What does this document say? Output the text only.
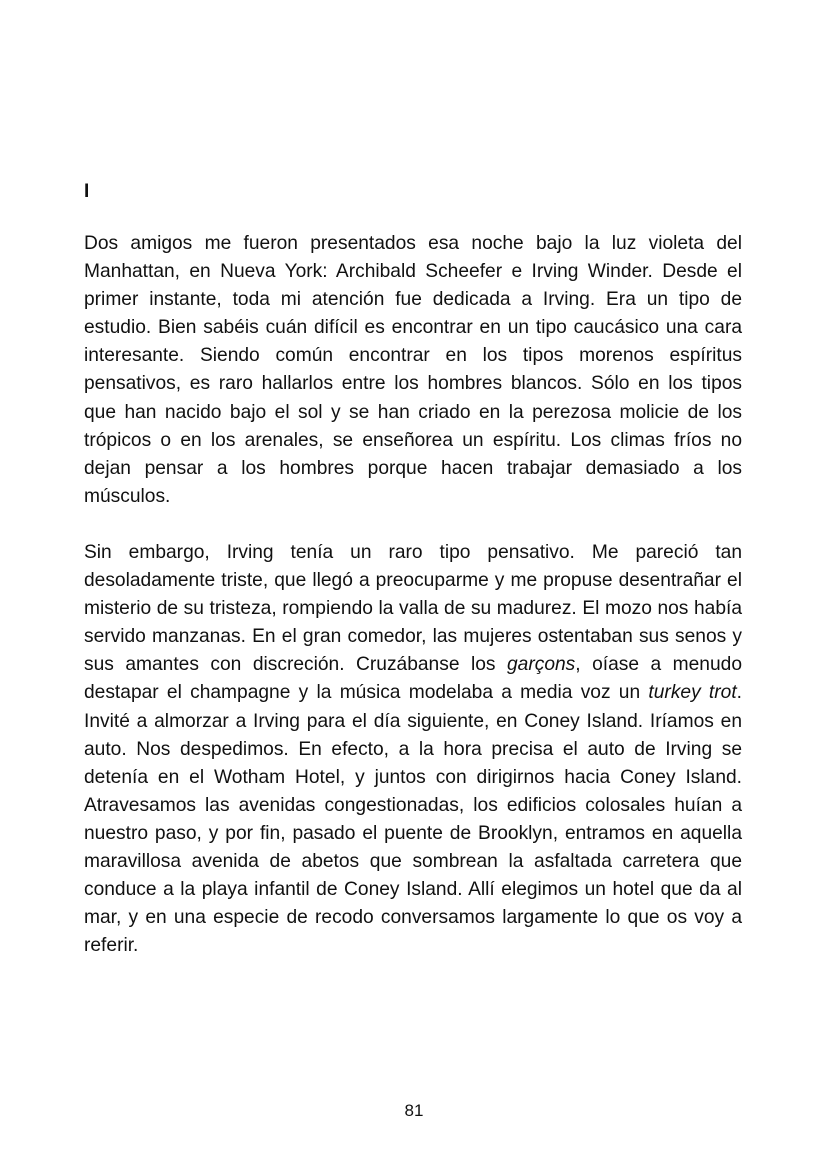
I

Dos amigos me fueron presentados esa noche bajo la luz violeta del Manhattan, en Nueva York: Archibald Scheefer e Irving Winder. Desde el primer instante, toda mi atención fue dedicada a Irving. Era un tipo de estudio. Bien sabéis cuán difícil es encontrar en un tipo caucásico una cara interesante. Siendo común encontrar en los tipos morenos espíritus pensativos, es raro hallarlos entre los hombres blancos. Sólo en los tipos que han nacido bajo el sol y se han criado en la perezosa molicie de los trópicos o en los arenales, se enseñorea un espíritu. Los climas fríos no dejan pensar a los hombres porque hacen trabajar demasiado a los músculos.

Sin embargo, Irving tenía un raro tipo pensativo. Me pareció tan desoladamente triste, que llegó a preocuparme y me propuse desentrañar el misterio de su tristeza, rompiendo la valla de su madurez. El mozo nos había servido manzanas. En el gran comedor, las mujeres ostentaban sus senos y sus amantes con discreción. Cruzábanse los garçons, oíase a menudo destapar el champagne y la música modelaba a media voz un turkey trot. Invité a almorzar a Irving para el día siguiente, en Coney Island. Iríamos en auto. Nos despedimos. En efecto, a la hora precisa el auto de Irving se detenía en el Wotham Hotel, y juntos con dirigirnos hacia Coney Island. Atravesamos las avenidas congestionadas, los edificios colosales huían a nuestro paso, y por fin, pasado el puente de Brooklyn, entramos en aquella maravillosa avenida de abetos que sombrean la asfaltada carretera que conduce a la playa infantil de Coney Island. Allí elegimos un hotel que da al mar, y en una especie de recodo conversamos largamente lo que os voy a referir.

81
